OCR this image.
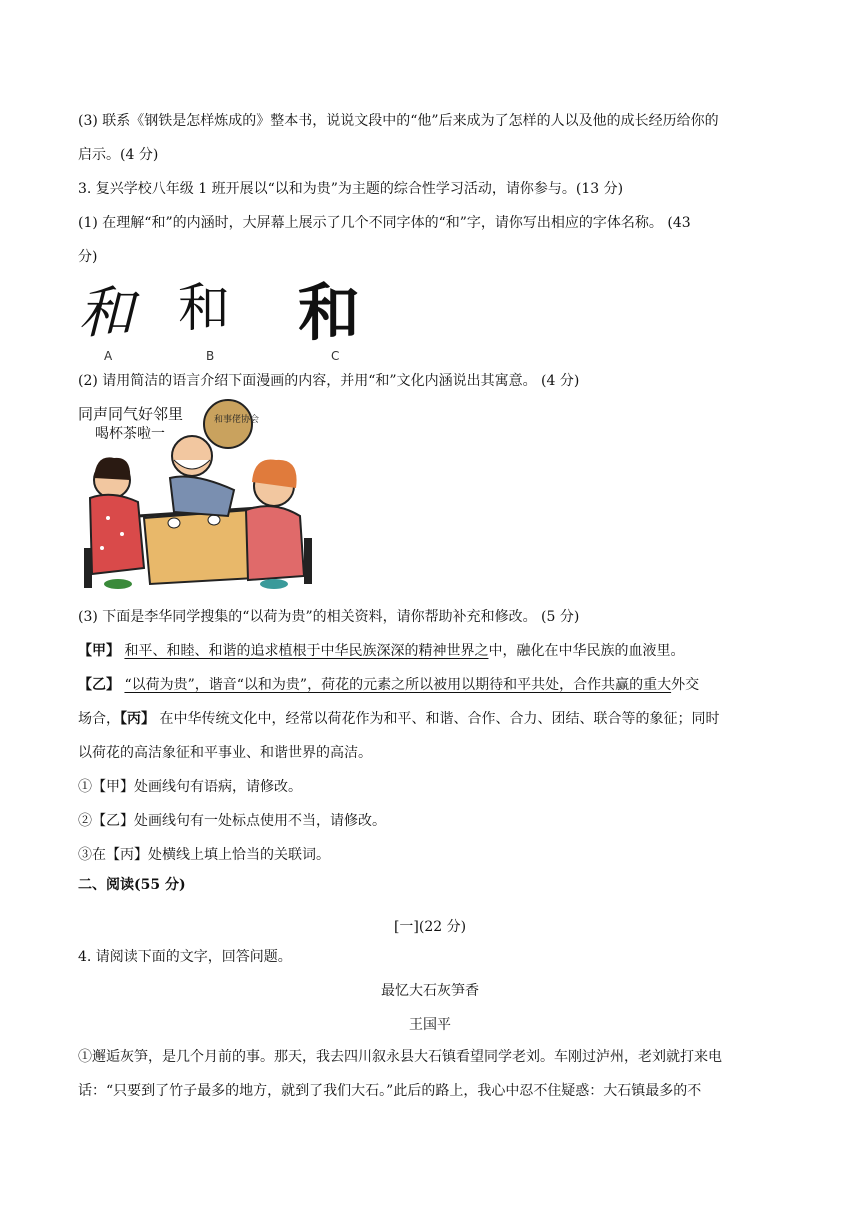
(3) 联系《钢铁是怎样炼成的》整本书，说说文段中的“他”后来成为了怎样的人以及他的成长经历给你的
启示。(4 分)
3. 复兴学校八年级 1 班开展以“以和为贵”为主题的综合性学习活动，请你参与。(13 分)
(1) 在理解“和”的内涵时，大屏幕上展示了几个不同字体的“和”字，请你写出相应的字体名称。 (43
分)
和 和 和
A	B	C
(2) 请用简洁的语言介绍下面漫画的内容，并用“和”文化内涵说出其寓意。 (4 分)
和事佬协会
同声同气好邻里
喝杯茶啦一
(3) 下面是李华同学搜集的“以荷为贵”的相关资料，请你帮助补充和修改。 (5 分)
【甲】 和平、和睦、和谐的追求植根于中华民族深深的精神世界之中，融化在中华民族的血液里。
【乙】 “以荷为贵”，谐音“以和为贵”，荷花的元素之所以被用以期待和平共处，合作共赢的重大外交
场合，【丙】 在中华传统文化中，经常以荷花作为和平、和谐、合作、合力、团结、联合等的象征；同时
以荷花的高洁象征和平事业、和谐世界的高洁。
①【甲】处画线句有语病，请修改。
②【乙】处画线句有一处标点使用不当，请修改。
③在【丙】处横线上填上恰当的关联词。
二、阅读(55 分)
[一](22 分)
4. 请阅读下面的文字，回答问题。
最忆大石灰笋香
王国平
①邂逅灰笋，是几个月前的事。那天，我去四川叙永县大石镇看望同学老刘。车刚过泸州，老刘就打来电
话：“只要到了竹子最多的地方，就到了我们大石。”此后的路上，我心中忍不住疑惑：大石镇最多的不
